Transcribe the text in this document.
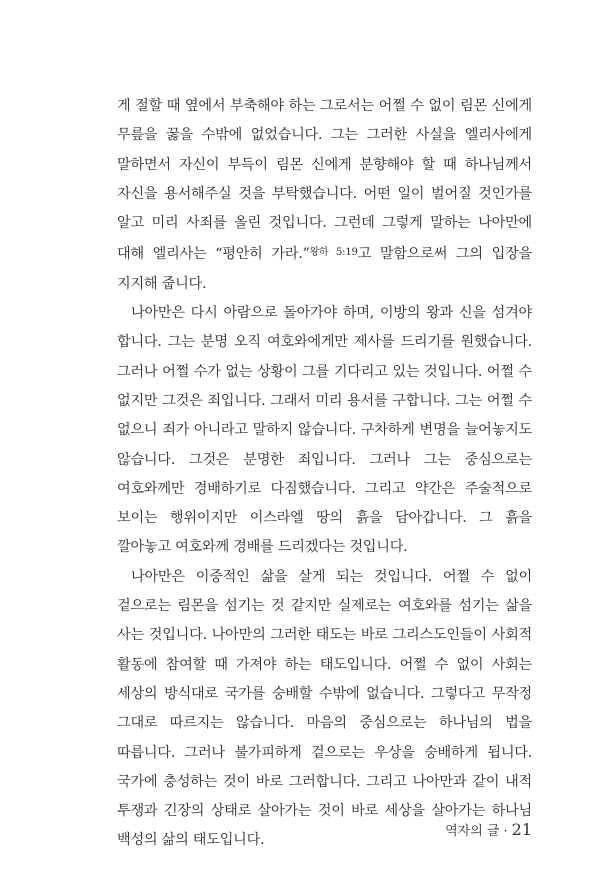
게 절할 때 옆에서 부축해야 하는 그로서는 어쩔 수 없이 림몬 신에게 무릎을 꿇을 수밖에 없었습니다. 그는 그러한 사실을 엘리사에게 말하면서 자신이 부득이 림몬 신에게 분향해야 할 때 하나님께서 자신을 용서해주실 것을 부탁했습니다. 어떤 일이 벌어질 것인가를 알고 미리 사죄를 올린 것입니다. 그런데 그렇게 말하는 나아만에 대해 엘리사는 “평안히 가라.”$^{왕하 5:19}$고 말함으로써 그의 입장을 지지해 줍니다.

나아만은 다시 아람으로 돌아가야 하며, 이방의 왕과 신을 섬겨야 합니다. 그는 분명 오직 여호와에게만 제사를 드리기를 원했습니다. 그러나 어쩔 수가 없는 상황이 그를 기다리고 있는 것입니다. 어쩔 수 없지만 그것은 죄입니다. 그래서 미리 용서를 구합니다. 그는 어쩔 수 없으니 죄가 아니라고 말하지 않습니다. 구차하게 변명을 늘어놓지도 않습니다. 그것은 분명한 죄입니다. 그러나 그는 중심으로는 여호와께만 경배하기로 다짐했습니다. 그리고 약간은 주술적으로 보이는 행위이지만 이스라엘 땅의 흙을 담아갑니다. 그 흙을 깔아놓고 여호와께 경배를 드리겠다는 것입니다.

나아만은 이중적인 삶을 살게 되는 것입니다. 어쩔 수 없이 겉으로는 림몬을 섬기는 것 같지만 실제로는 여호와를 섬기는 삶을 사는 것입니다. 나아만의 그러한 태도는 바로 그리스도인들이 사회적 활동에 참여할 때 가져야 하는 태도입니다. 어쩔 수 없이 사회는 세상의 방식대로 국가를 숭배할 수밖에 없습니다. 그렇다고 무작정 그대로 따르지는 않습니다. 마음의 중심으로는 하나님의 법을 따릅니다. 그러나 불가피하게 겉으로는 우상을 숭배하게 됩니다. 국가에 충성하는 것이 바로 그러합니다. 그리고 나아만과 같이 내적 투쟁과 긴장의 상태로 살아가는 것이 바로 세상을 살아가는 하나님 백성의 삶의 태도입니다.

역자의 글 · 21
